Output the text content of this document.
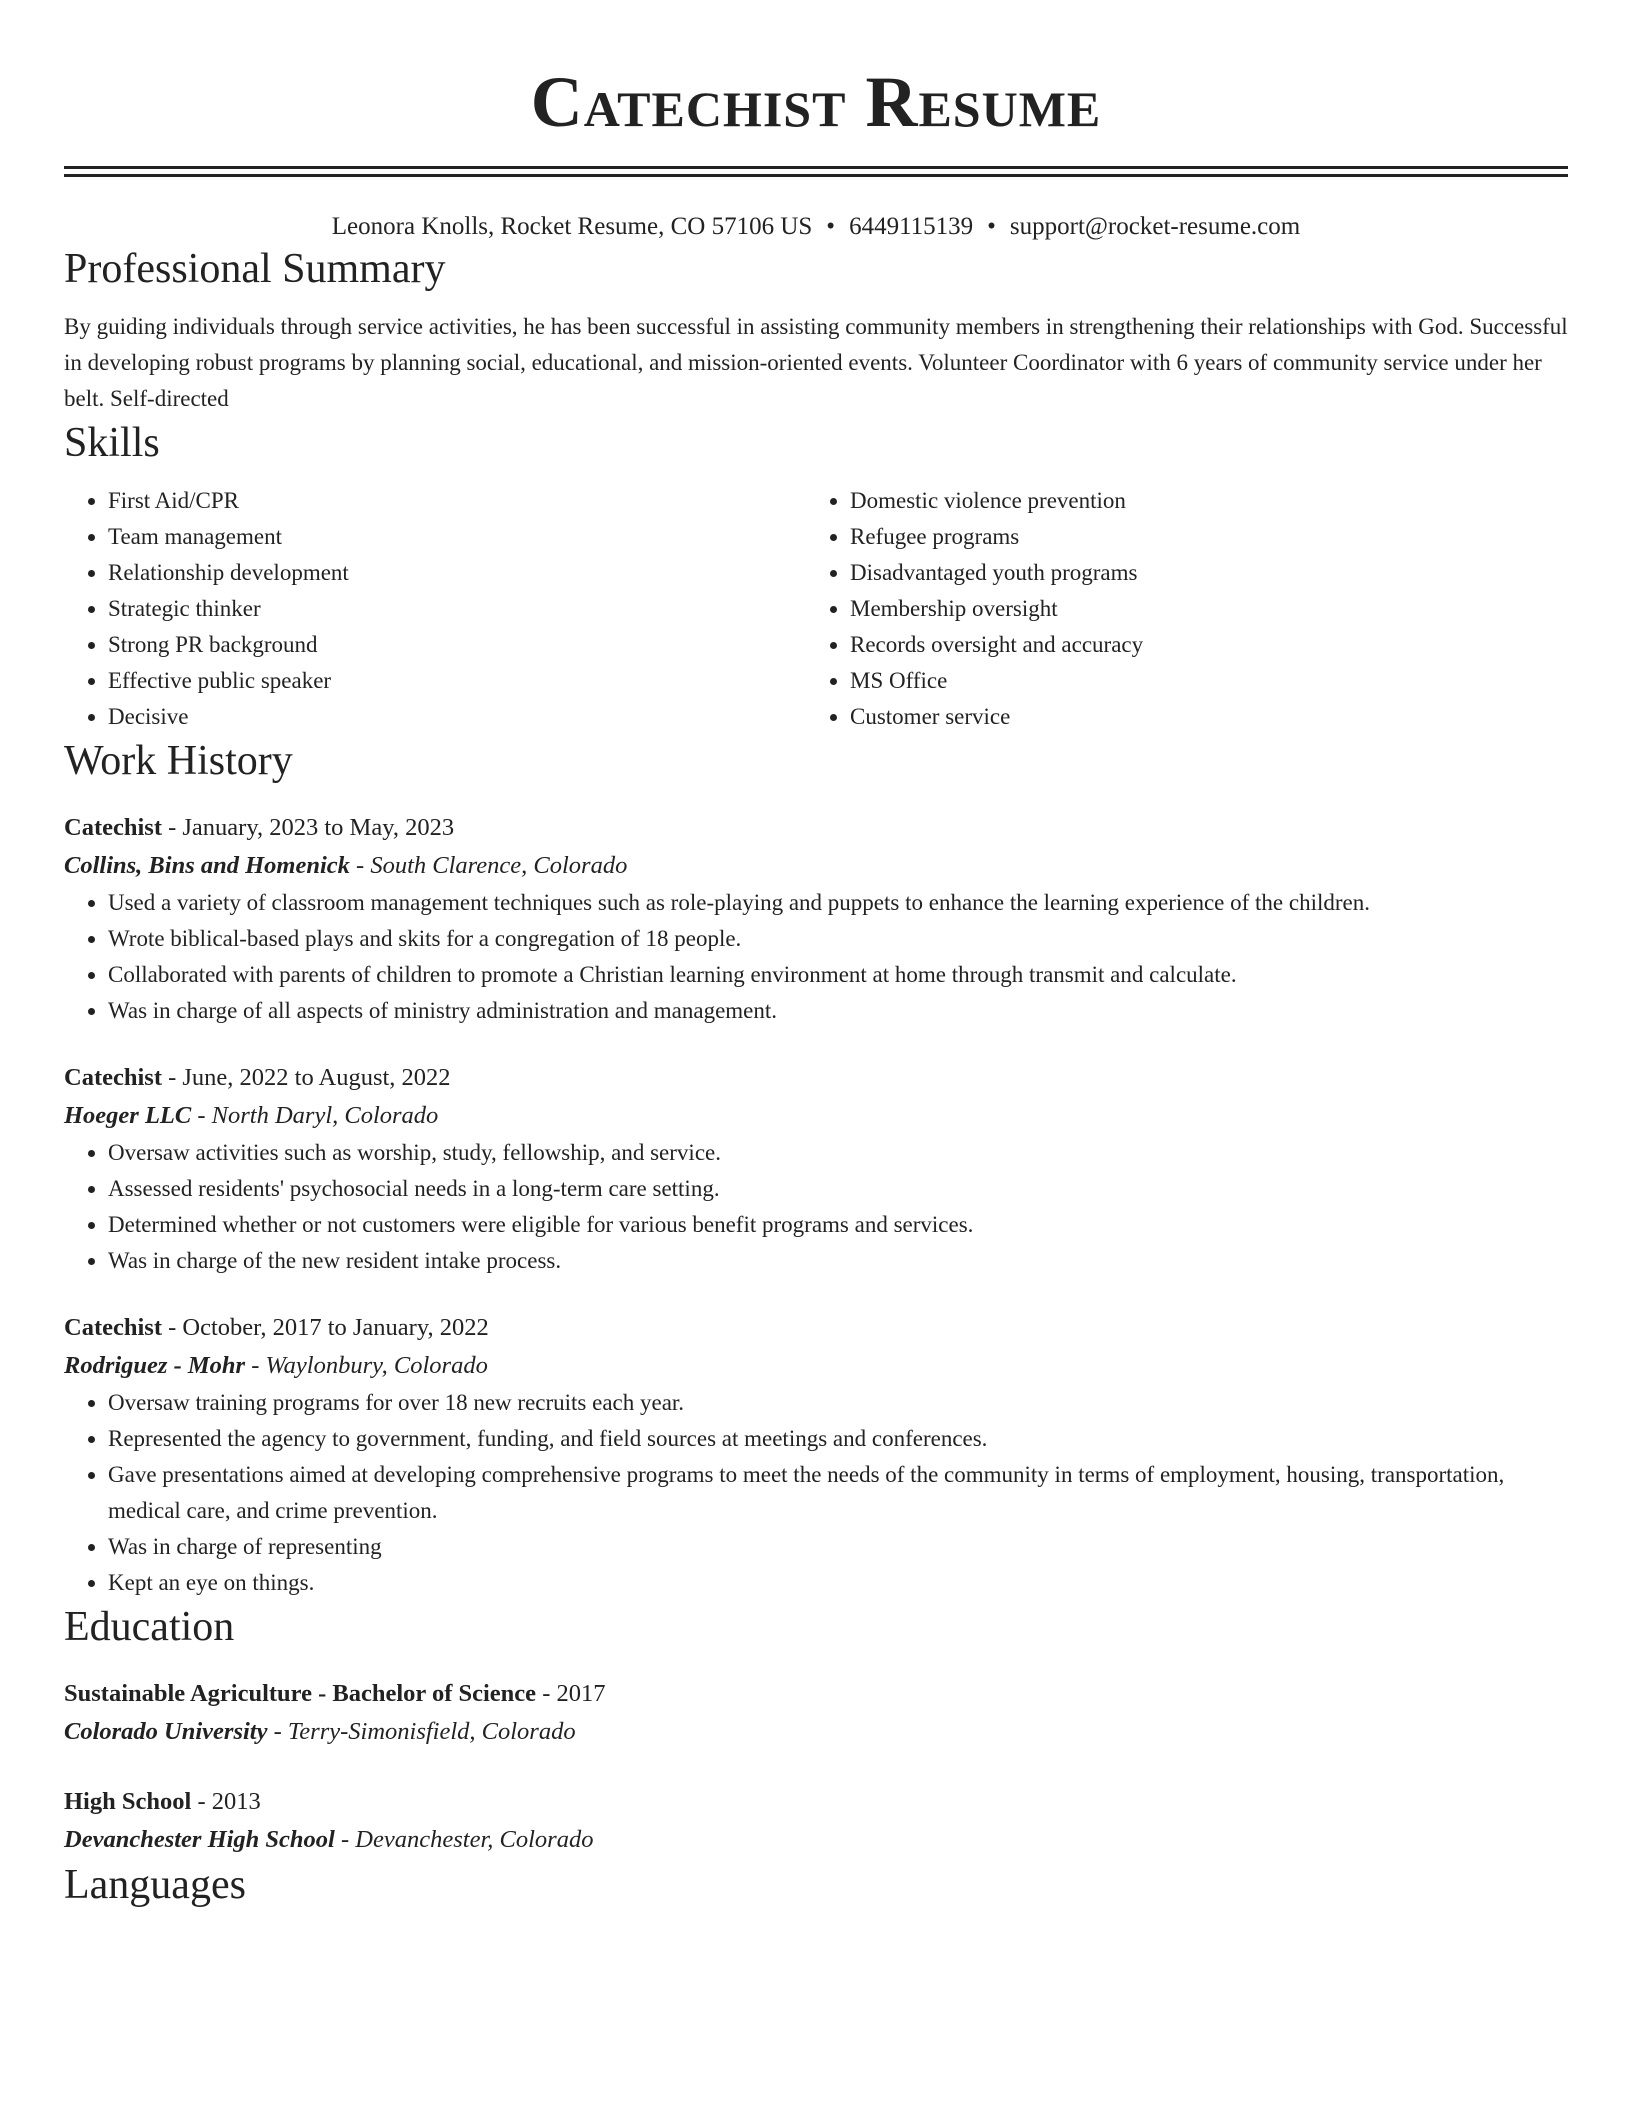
Catechist Resume
Leonora Knolls, Rocket Resume, CO 57106 US • 6449115139 • support@rocket-resume.com
Professional Summary
By guiding individuals through service activities, he has been successful in assisting community members in strengthening their relationships with God. Successful in developing robust programs by planning social, educational, and mission-oriented events. Volunteer Coordinator with 6 years of community service under her belt. Self-directed
Skills
• First Aid/CPR
• Team management
• Relationship development
• Strategic thinker
• Strong PR background
• Effective public speaker
• Decisive
• Domestic violence prevention
• Refugee programs
• Disadvantaged youth programs
• Membership oversight
• Records oversight and accuracy
• MS Office
• Customer service
Work History
Catechist - January, 2023 to May, 2023
Collins, Bins and Homenick - South Clarence, Colorado
• Used a variety of classroom management techniques such as role-playing and puppets to enhance the learning experience of the children.
• Wrote biblical-based plays and skits for a congregation of 18 people.
• Collaborated with parents of children to promote a Christian learning environment at home through transmit and calculate.
• Was in charge of all aspects of ministry administration and management.
Catechist - June, 2022 to August, 2022
Hoeger LLC - North Daryl, Colorado
• Oversaw activities such as worship, study, fellowship, and service.
• Assessed residents' psychosocial needs in a long-term care setting.
• Determined whether or not customers were eligible for various benefit programs and services.
• Was in charge of the new resident intake process.
Catechist - October, 2017 to January, 2022
Rodriguez - Mohr - Waylonbury, Colorado
• Oversaw training programs for over 18 new recruits each year.
• Represented the agency to government, funding, and field sources at meetings and conferences.
• Gave presentations aimed at developing comprehensive programs to meet the needs of the community in terms of employment, housing, transportation, medical care, and crime prevention.
• Was in charge of representing
• Kept an eye on things.
Education
Sustainable Agriculture - Bachelor of Science - 2017
Colorado University - Terry-Simonisfield, Colorado
High School - 2013
Devanchester High School - Devanchester, Colorado
Languages
